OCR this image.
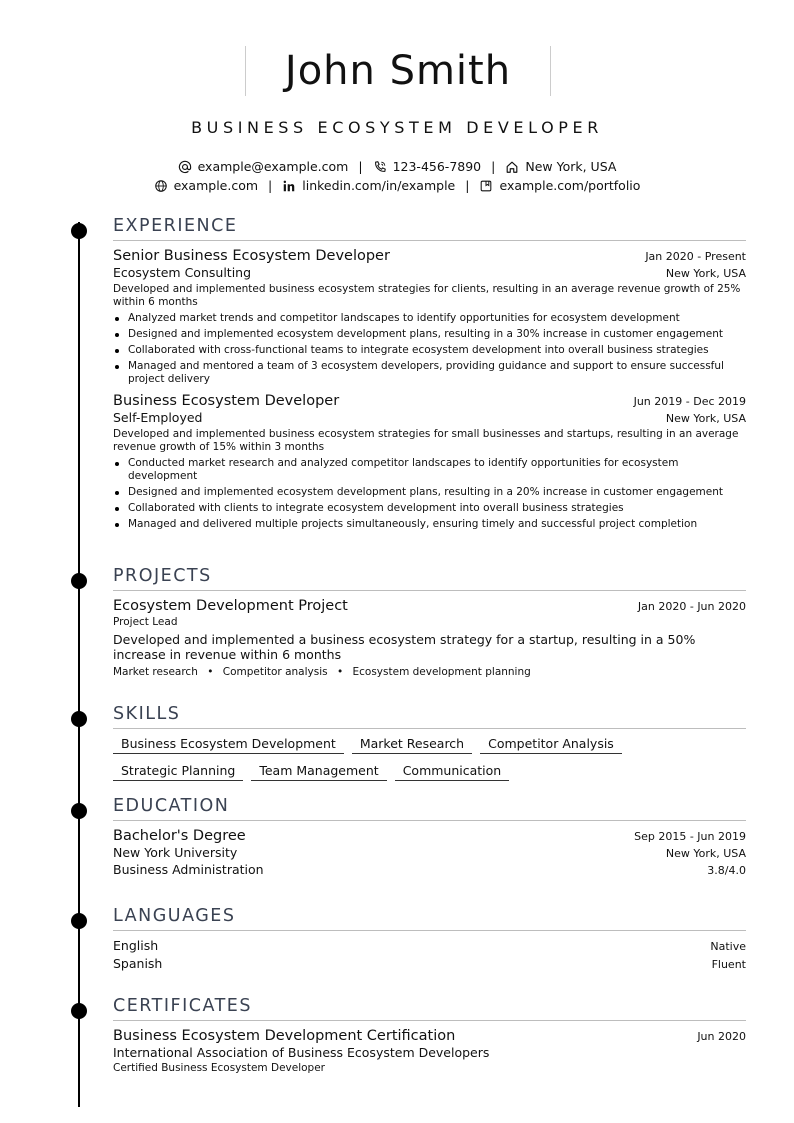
John Smith
BUSINESS ECOSYSTEM DEVELOPER
example@example.com | 123-456-7890 | New York, USA
example.com | linkedin.com/in/example | example.com/portfolio
EXPERIENCE
Senior Business Ecosystem Developer	Jan 2020 - Present
Ecosystem Consulting	New York, USA
Developed and implemented business ecosystem strategies for clients, resulting in an average revenue growth of 25% within 6 months
Analyzed market trends and competitor landscapes to identify opportunities for ecosystem development
Designed and implemented ecosystem development plans, resulting in a 30% increase in customer engagement
Collaborated with cross-functional teams to integrate ecosystem development into overall business strategies
Managed and mentored a team of 3 ecosystem developers, providing guidance and support to ensure successful project delivery
Business Ecosystem Developer	Jun 2019 - Dec 2019
Self-Employed	New York, USA
Developed and implemented business ecosystem strategies for small businesses and startups, resulting in an average revenue growth of 15% within 3 months
Conducted market research and analyzed competitor landscapes to identify opportunities for ecosystem development
Designed and implemented ecosystem development plans, resulting in a 20% increase in customer engagement
Collaborated with clients to integrate ecosystem development into overall business strategies
Managed and delivered multiple projects simultaneously, ensuring timely and successful project completion
PROJECTS
Ecosystem Development Project	Jan 2020 - Jun 2020
Project Lead
Developed and implemented a business ecosystem strategy for a startup, resulting in a 50% increase in revenue within 6 months
Market research • Competitor analysis • Ecosystem development planning
SKILLS
Business Ecosystem Development	Market Research	Competitor Analysis
Strategic Planning	Team Management	Communication
EDUCATION
Bachelor's Degree	Sep 2015 - Jun 2019
New York University	New York, USA
Business Administration	3.8/4.0
LANGUAGES
English	Native
Spanish	Fluent
CERTIFICATES
Business Ecosystem Development Certification	Jun 2020
International Association of Business Ecosystem Developers
Certified Business Ecosystem Developer
